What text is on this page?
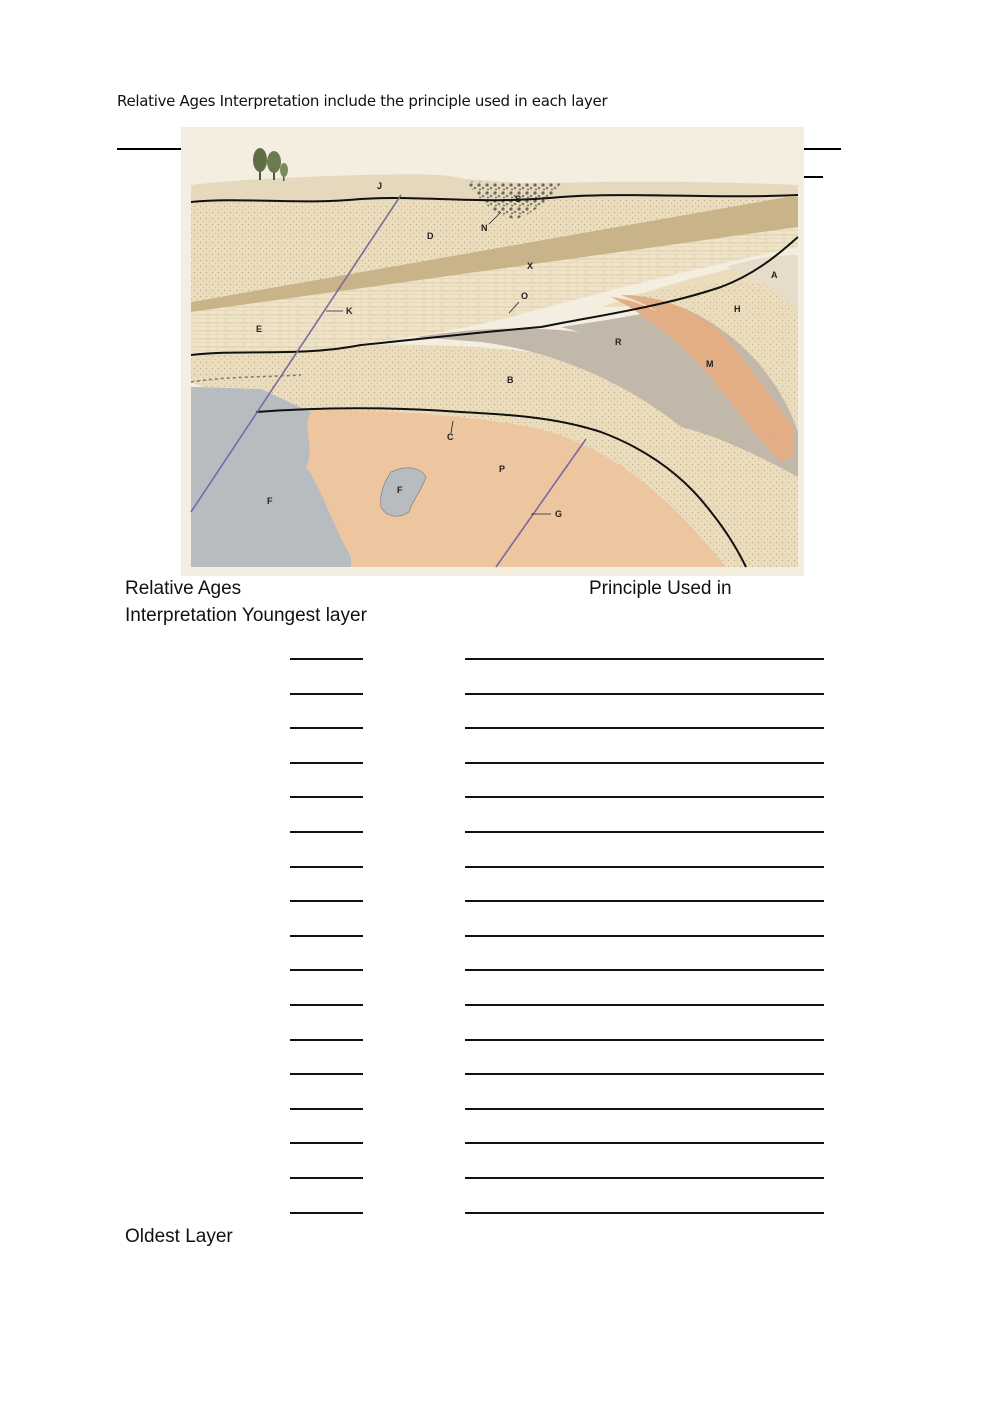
Relative Ages Interpretation include the principle used in each layer
J
S
N
D
X
A
O
H
K
E
R
M
B
C
P
F
F
G
Relative Ages
Interpretation Youngest layer
Principle Used in
Oldest Layer
